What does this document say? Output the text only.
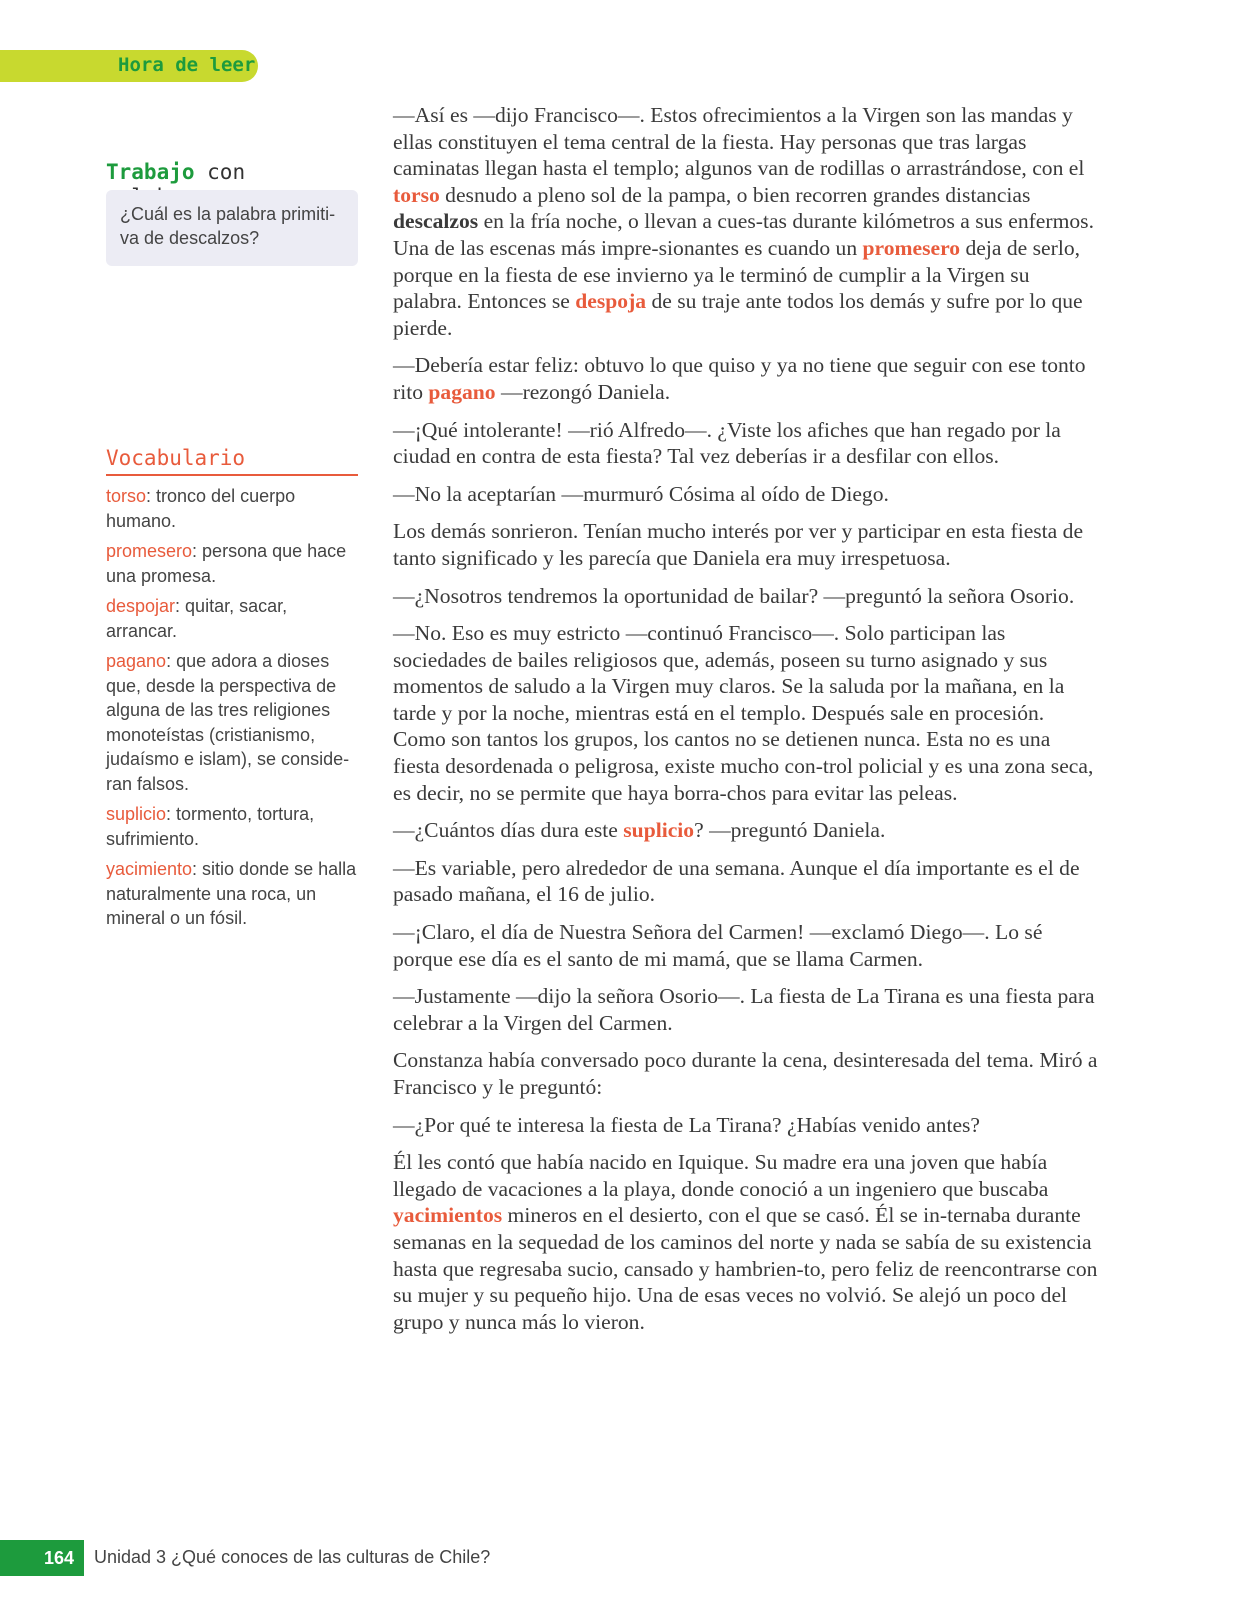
Hora de leer
Trabajo con
¿Cuál es la palabra primiti-va de descalzos?
Vocabulario

torso: tronco del cuerpo humano.

promesero: persona que hace una promesa.

despojar: quitar, sacar, arrancar.

pagano: que adora a dioses que, desde la perspectiva de alguna de las tres religiones monoteístas (cristianismo, judaísmo e islam), se conside-ran falsos.

suplicio: tormento, tortura, sufrimiento.

yacimiento: sitio donde se halla naturalmente una roca, un mineral o un fósil.

—Así es —dijo Francisco—. Estos ofrecimientos a la Virgen son las mandas y ellas constituyen el tema central de la fiesta. Hay personas que tras largas caminatas llegan hasta el templo; algunos van de rodillas o arrastrándose, con el torso desnudo a pleno sol de la pampa, o bien recorren grandes distancias descalzos en la fría noche, o llevan a cues-tas durante kilómetros a sus enfermos. Una de las escenas más impre-sionantes es cuando un promesero deja de serlo, porque en la fiesta de ese invierno ya le terminó de cumplir a la Virgen su palabra. Entonces se despoja de su traje ante todos los demás y sufre por lo que pierde.

—Debería estar feliz: obtuvo lo que quiso y ya no tiene que seguir con ese tonto rito pagano —rezongó Daniela.

—¡Qué intolerante! —rió Alfredo—. ¿Viste los afiches que han regado por la ciudad en contra de esta fiesta? Tal vez deberías ir a desfilar con ellos.

—No la aceptarían —murmuró Cósima al oído de Diego.

Los demás sonrieron. Tenían mucho interés por ver y participar en esta fiesta de tanto significado y les parecía que Daniela era muy irrespetuosa.

—¿Nosotros tendremos la oportunidad de bailar? —preguntó la señora Osorio.

—No. Eso es muy estricto —continuó Francisco—. Solo participan las sociedades de bailes religiosos que, además, poseen su turno asignado y sus momentos de saludo a la Virgen muy claros. Se la saluda por la mañana, en la tarde y por la noche, mientras está en el templo. Después sale en procesión. Como son tantos los grupos, los cantos no se detienen nunca. Esta no es una fiesta desordenada o peligrosa, existe mucho con-trol policial y es una zona seca, es decir, no se permite que haya borra-chos para evitar las peleas.

—¿Cuántos días dura este suplicio? —preguntó Daniela.

—Es variable, pero alrededor de una semana. Aunque el día importante es el de pasado mañana, el 16 de julio.

—¡Claro, el día de Nuestra Señora del Carmen! —exclamó Diego—. Lo sé porque ese día es el santo de mi mamá, que se llama Carmen.

—Justamente —dijo la señora Osorio—. La fiesta de La Tirana es una fiesta para celebrar a la Virgen del Carmen.

Constanza había conversado poco durante la cena, desinteresada del tema. Miró a Francisco y le preguntó:

—¿Por qué te interesa la fiesta de La Tirana? ¿Habías venido antes?

Él les contó que había nacido en Iquique. Su madre era una joven que había llegado de vacaciones a la playa, donde conoció a un ingeniero que buscaba yacimientos mineros en el desierto, con el que se casó. Él se in-ternaba durante semanas en la sequedad de los caminos del norte y nada se sabía de su existencia hasta que regresaba sucio, cansado y hambrien-to, pero feliz de reencontrarse con su mujer y su pequeño hijo. Una de esas veces no volvió. Se alejó un poco del grupo y nunca más lo vieron.

164	Unidad 3 ¿Qué conoces de las culturas de Chile?
